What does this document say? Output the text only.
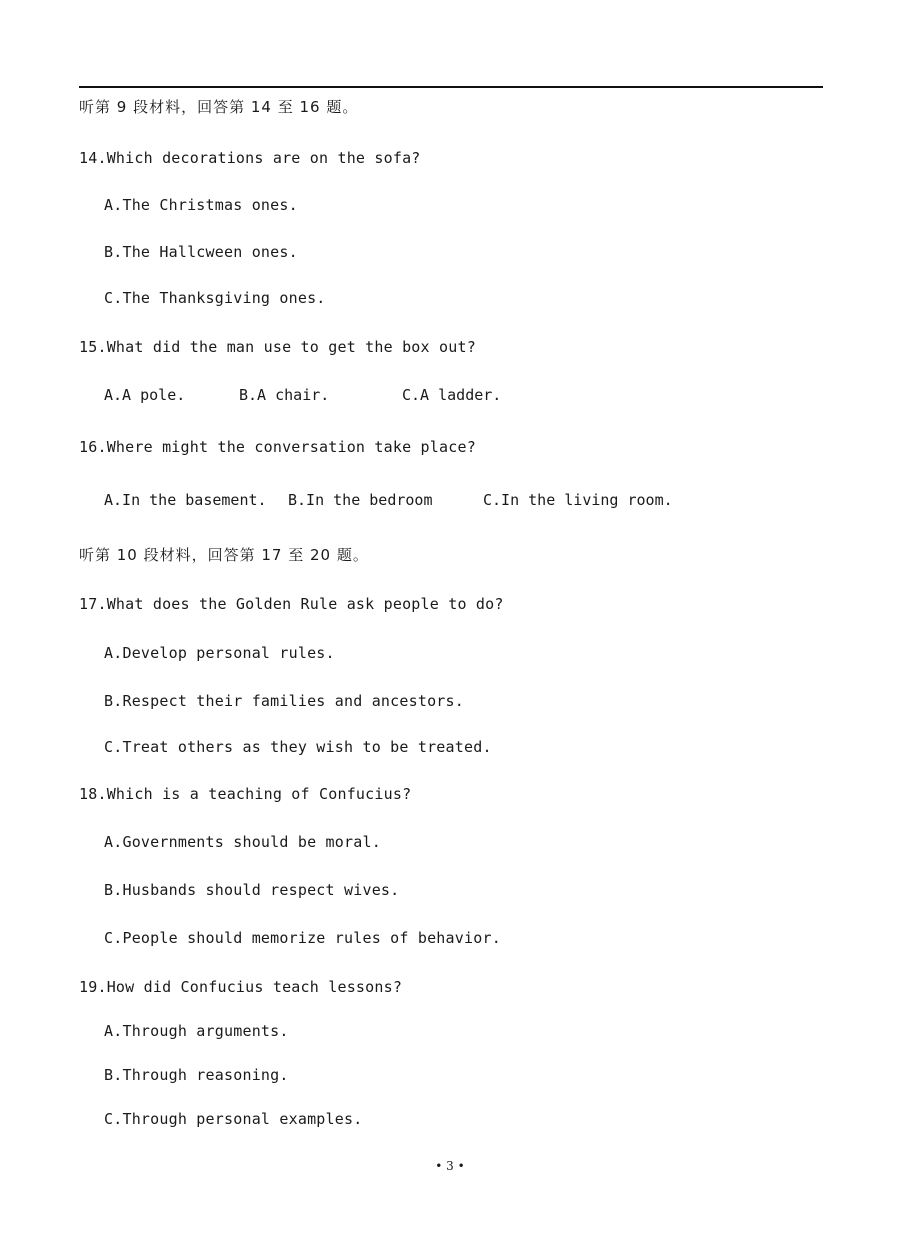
听第 9 段材料，回答第 14 至 16 题。
14.Which decorations are on the sofa?
A.The Christmas ones.
B.The Hallcween ones.
C.The Thanksgiving ones.
15.What did the man use to get the box out?
A.A pole.	B.A chair.	C.A ladder.
16.Where might the conversation take place?
A.In the basement. B.In the bedroom	C.In the living room.
听第 10 段材料，回答第 17 至 20 题。
17.What does the Golden Rule ask people to do?
A.Develop personal rules.
B.Respect their families and ancestors.
C.Treat others as they wish to be treated.
18.Which is a teaching of Confucius?
A.Governments should be moral.
B.Husbands should respect wives.
C.People should memorize rules of behavior.
19.How did Confucius teach lessons?
A.Through arguments.
B.Through reasoning.
C.Through personal examples.
• 3 •
